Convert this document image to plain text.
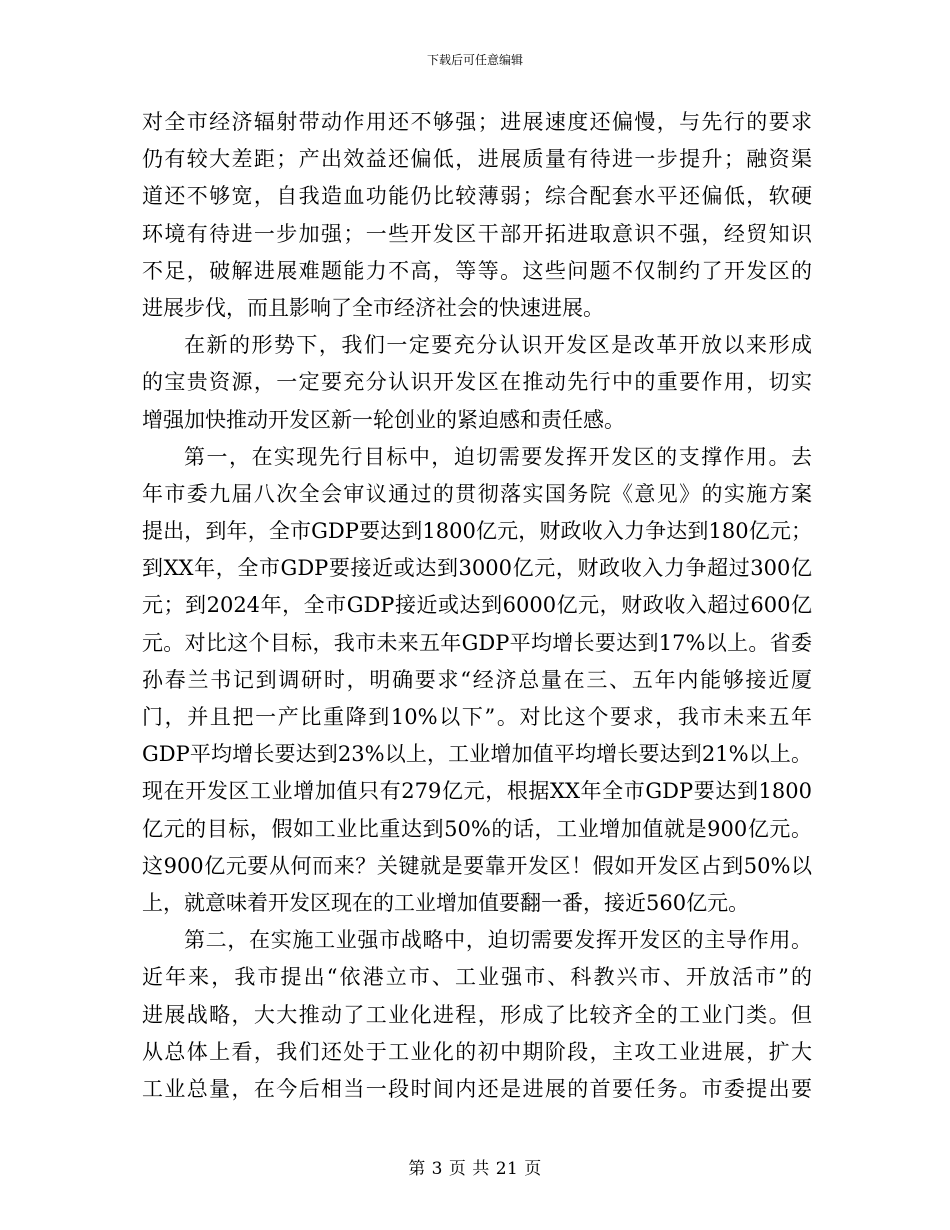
下载后可任意编辑
对全市经济辐射带动作用还不够强；进展速度还偏慢，与先行的要求
仍有较大差距；产出效益还偏低，进展质量有待进一步提升；融资渠
道还不够宽，自我造血功能仍比较薄弱；综合配套水平还偏低，软硬
环境有待进一步加强；一些开发区干部开拓进取意识不强，经贸知识
不足，破解进展难题能力不高，等等。这些问题不仅制约了开发区的
进展步伐，而且影响了全市经济社会的快速进展。
在新的形势下，我们一定要充分认识开发区是改革开放以来形成
的宝贵资源，一定要充分认识开发区在推动先行中的重要作用，切实
增强加快推动开发区新一轮创业的紧迫感和责任感。
第一，在实现先行目标中，迫切需要发挥开发区的支撑作用。去
年市委九届八次全会审议通过的贯彻落实国务院《意见》的实施方案
提出，到年，全市GDP要达到1800亿元，财政收入力争达到180亿元；
到XX年，全市GDP要接近或达到3000亿元，财政收入力争超过300亿
元；到2024年，全市GDP接近或达到6000亿元，财政收入超过600亿
元。对比这个目标，我市未来五年GDP平均增长要达到17%以上。省委
孙春兰书记到调研时，明确要求“经济总量在三、五年内能够接近厦
门，并且把一产比重降到10%以下”。对比这个要求，我市未来五年
GDP平均增长要达到23%以上，工业增加值平均增长要达到21%以上。
现在开发区工业增加值只有279亿元，根据XX年全市GDP要达到1800
亿元的目标，假如工业比重达到50%的话，工业增加值就是900亿元。
这900亿元要从何而来？关键就是要靠开发区！假如开发区占到50%以
上，就意味着开发区现在的工业增加值要翻一番，接近560亿元。
第二，在实施工业强市战略中，迫切需要发挥开发区的主导作用。
近年来，我市提出“依港立市、工业强市、科教兴市、开放活市”的
进展战略，大大推动了工业化进程，形成了比较齐全的工业门类。但
从总体上看，我们还处于工业化的初中期阶段，主攻工业进展，扩大
工业总量，在今后相当一段时间内还是进展的首要任务。市委提出要
第 3 页 共 21 页
